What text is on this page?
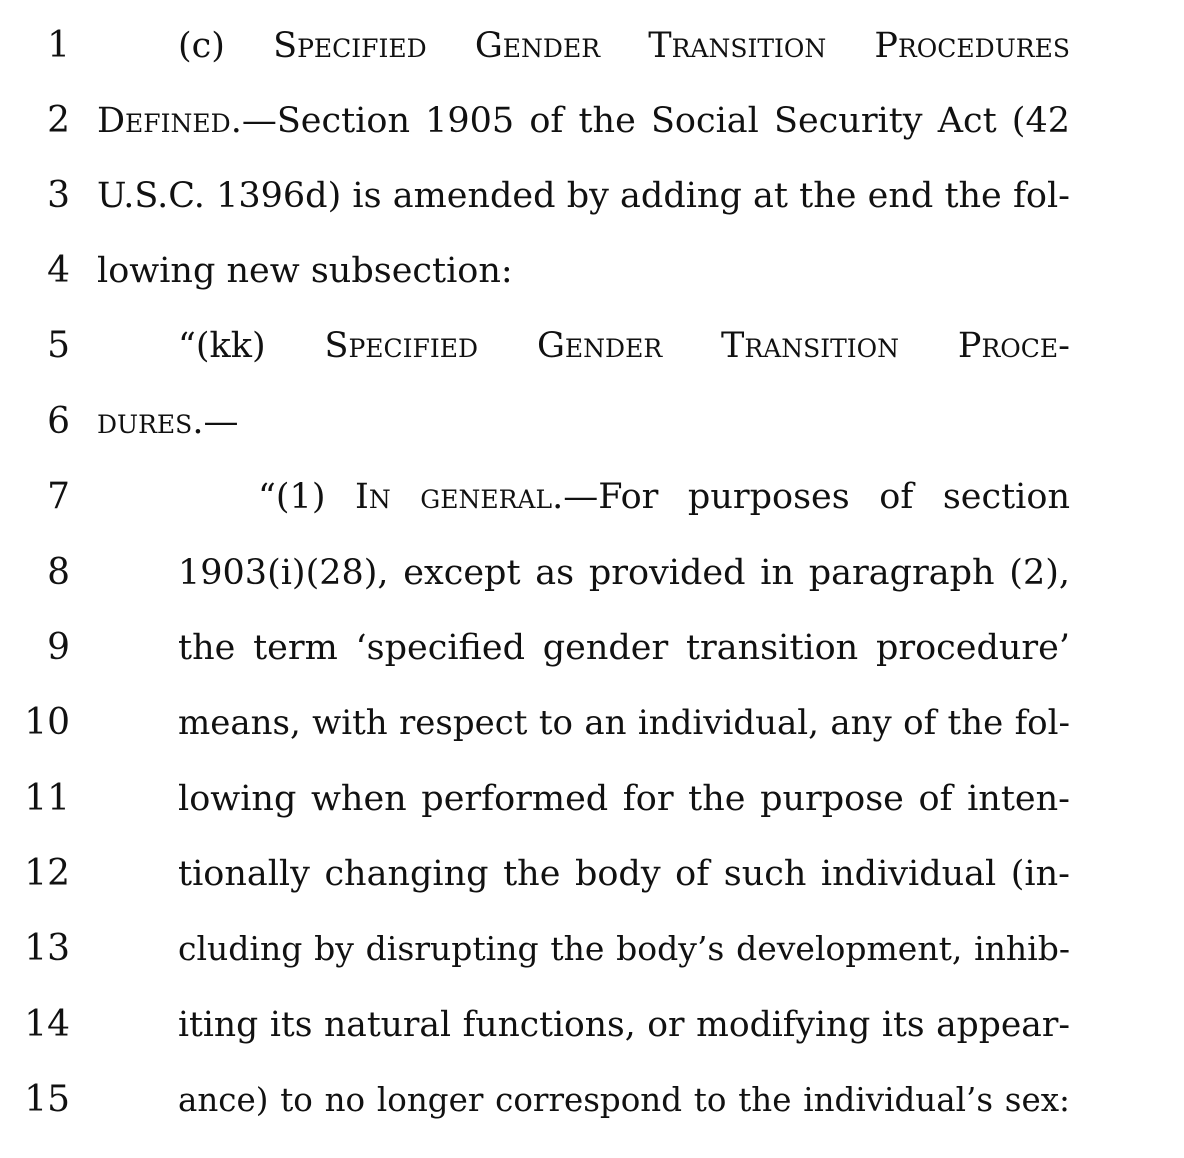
1	(c) Specified Gender Transition Procedures
2 Defined.—Section 1905 of the Social Security Act (42
3 U.S.C. 1396d) is amended by adding at the end the fol-
4 lowing new subsection:
5	“(kk) Specified Gender Transition Proce-
6 dures.—
7	“(1) In general.—For purposes of section
8	1903(i)(28), except as provided in paragraph (2),
9	the term ‘specified gender transition procedure’
10	means, with respect to an individual, any of the fol-
11	lowing when performed for the purpose of inten-
12	tionally changing the body of such individual (in-
13	cluding by disrupting the body’s development, inhib-
14	iting its natural functions, or modifying its appear-
15	ance) to no longer correspond to the individual’s sex:
